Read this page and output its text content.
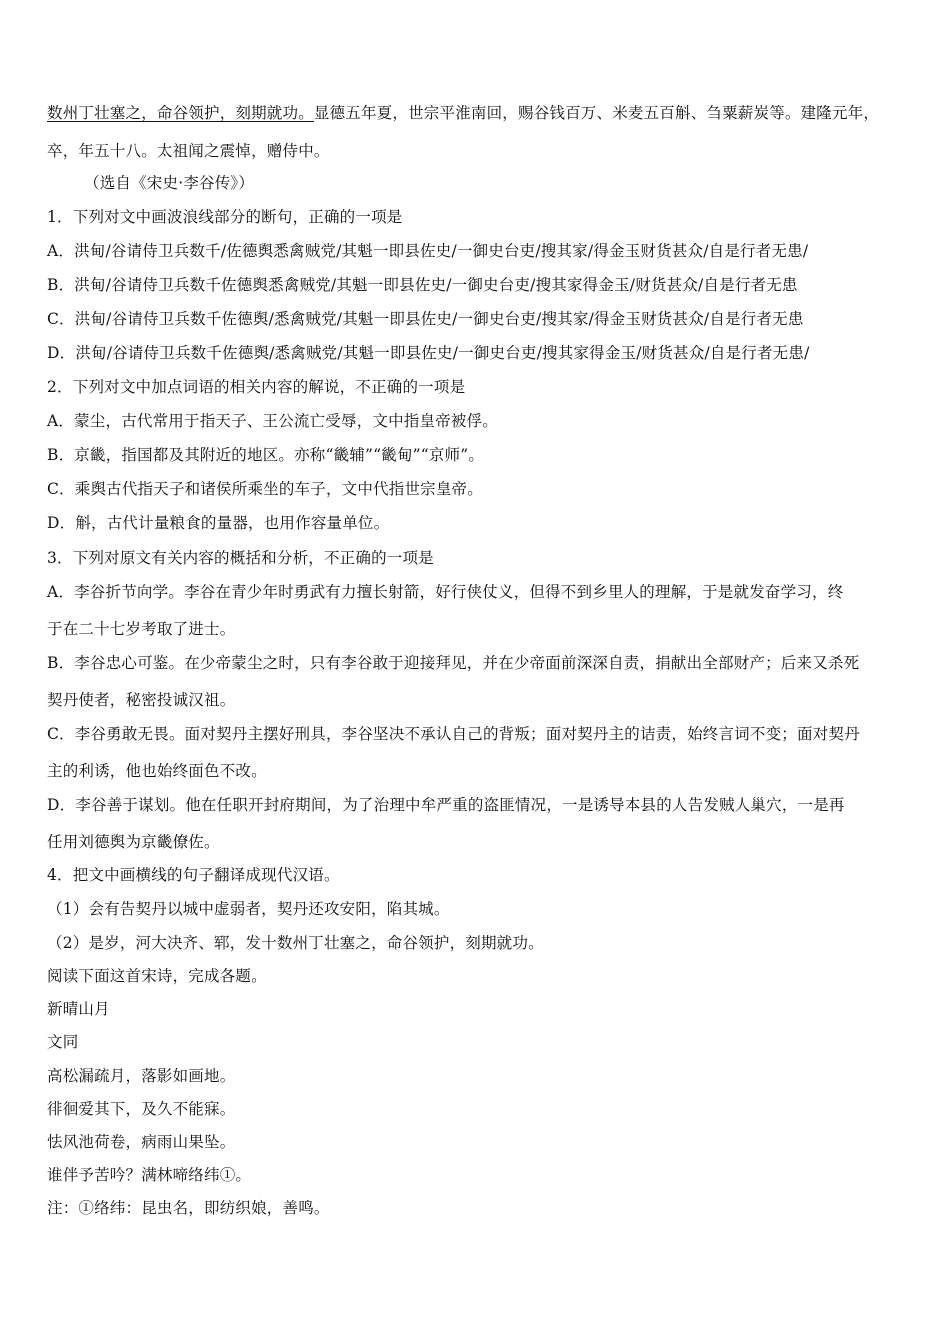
数州丁壮塞之，命谷领护，刻期就功。显德五年夏，世宗平淮南回，赐谷钱百万、米麦五百斛、刍粟薪炭等。建隆元年，
卒，年五十八。太祖闻之震悼，赠侍中。
（选自《宋史·李谷传》）
1．下列对文中画波浪线部分的断句，正确的一项是
A．洪甸/谷请侍卫兵数千/佐德舆悉禽贼党/其魁一即县佐史/一御史台吏/搜其家/得金玉财货甚众/自是行者无患/
B．洪甸/谷请侍卫兵数千佐德舆悉禽贼党/其魁一即县佐史/一御史台吏/搜其家得金玉/财货甚众/自是行者无患
C．洪甸/谷请侍卫兵数千佐德舆/悉禽贼党/其魁一即县佐史/一御史台吏/搜其家/得金玉财货甚众/自是行者无患
D．洪甸/谷请侍卫兵数千佐德舆/悉禽贼党/其魁一即县佐史/一御史台吏/搜其家得金玉/财货甚众/自是行者无患/
2．下列对文中加点词语的相关内容的解说，不正确的一项是
A．蒙尘，古代常用于指天子、王公流亡受辱，文中指皇帝被俘。
B．京畿，指国都及其附近的地区。亦称“畿辅”“畿甸”“京师”。
C．乘舆古代指天子和诸侯所乘坐的车子，文中代指世宗皇帝。
D．斛，古代计量粮食的量器，也用作容量单位。
3．下列对原文有关内容的概括和分析，不正确的一项是
A．李谷折节向学。李谷在青少年时勇武有力擅长射箭，好行侠仗义，但得不到乡里人的理解，于是就发奋学习，终
于在二十七岁考取了进士。
B．李谷忠心可鉴。在少帝蒙尘之时，只有李谷敢于迎接拜见，并在少帝面前深深自责，捐献出全部财产；后来又杀死
契丹使者，秘密投诚汉祖。
C．李谷勇敢无畏。面对契丹主摆好刑具，李谷坚决不承认自己的背叛；面对契丹主的诘责，始终言词不变；面对契丹
主的利诱，他也始终面色不改。
D．李谷善于谋划。他在任职开封府期间，为了治理中牟严重的盗匪情况，一是诱导本县的人告发贼人巢穴，一是再
任用刘德舆为京畿僚佐。
4．把文中画横线的句子翻译成现代汉语。
（1）会有告契丹以城中虚弱者，契丹还攻安阳，陷其城。
（2）是岁，河大决齐、郓，发十数州丁壮塞之，命谷领护，刻期就功。
阅读下面这首宋诗，完成各题。
新晴山月
文同
高松漏疏月，落影如画地。
徘徊爱其下，及久不能寐。
怯风池荷卷，病雨山果坠。
谁伴予苦吟？满林啼络纬①。
注：①络纬：昆虫名，即纺织娘，善鸣。
